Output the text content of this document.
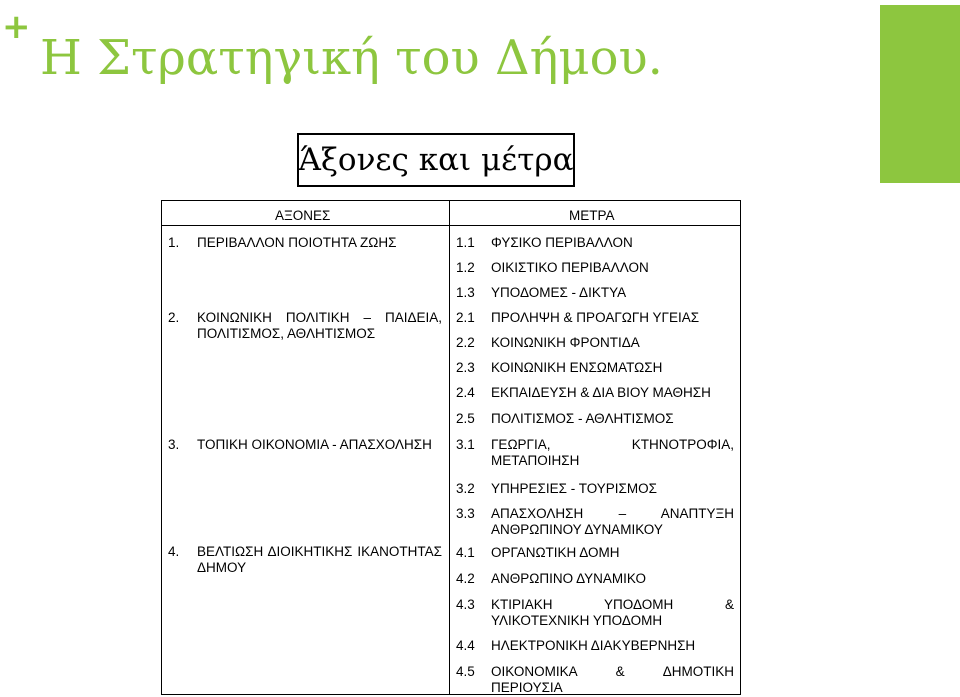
+
Η Στρατηγική του Δήμου.
Άξονες και μέτρα
ΑΞΟΝΕΣ	ΜΕΤΡΑ
1. ΠΕΡΙΒΑΛΛΟΝ ΠΟΙΟΤΗΤΑ ΖΩΗΣ
2. ΚΟΙΝΩΝΙΚΗ ΠΟΛΙΤΙΚΗ – ΠΑΙΔΕΙΑ, ΠΟΛΙΤΙΣΜΟΣ, ΑΘΛΗΤΙΣΜΟΣ
3. ΤΟΠΙΚΗ ΟΙΚΟΝΟΜΙΑ - ΑΠΑΣΧΟΛΗΣΗ
4. ΒΕΛΤΙΩΣΗ ΔΙΟΙΚΗΤΙΚΗΣ ΙΚΑΝΟΤΗΤΑΣ ΔΗΜΟΥ
1.1 ΦΥΣΙΚΟ ΠΕΡΙΒΑΛΛΟΝ
1.2 ΟΙΚΙΣΤΙΚΟ ΠΕΡΙΒΑΛΛΟΝ
1.3 ΥΠΟΔΟΜΕΣ - ΔΙΚΤΥΑ
2.1 ΠΡΟΛΗΨΗ & ΠΡΟΑΓΩΓΗ ΥΓΕΙΑΣ
2.2 ΚΟΙΝΩΝΙΚΗ ΦΡΟΝΤΙΔΑ
2.3 ΚΟΙΝΩΝΙΚΗ ΕΝΣΩΜΑΤΩΣΗ
2.4 ΕΚΠΑΙΔΕΥΣΗ & ΔΙΑ ΒΙΟΥ ΜΑΘΗΣΗ
2.5 ΠΟΛΙΤΙΣΜΟΣ - ΑΘΛΗΤΙΣΜΟΣ
3.1 ΓΕΩΡΓΙΑ, ΚΤΗΝΟΤΡΟΦΙΑ, ΜΕΤΑΠΟΙΗΣΗ
3.2 ΥΠΗΡΕΣΙΕΣ - ΤΟΥΡΙΣΜΟΣ
3.3 ΑΠΑΣΧΟΛΗΣΗ – ΑΝΑΠΤΥΞΗ ΑΝΘΡΩΠΙΝΟΥ ΔΥΝΑΜΙΚΟΥ
4.1 ΟΡΓΑΝΩΤΙΚΗ ΔΟΜΗ
4.2 ΑΝΘΡΩΠΙΝΟ ΔΥΝΑΜΙΚΟ
4.3 ΚΤΙΡΙΑΚΗ ΥΠΟΔΟΜΗ & ΥΛΙΚΟΤΕΧΝΙΚΗ ΥΠΟΔΟΜΗ
4.4 ΗΛΕΚΤΡΟΝΙΚΗ ΔΙΑΚΥΒΕΡΝΗΣΗ
4.5 ΟΙΚΟΝΟΜΙΚΑ & ΔΗΜΟΤΙΚΗ ΠΕΡΙΟΥΣΙΑ
